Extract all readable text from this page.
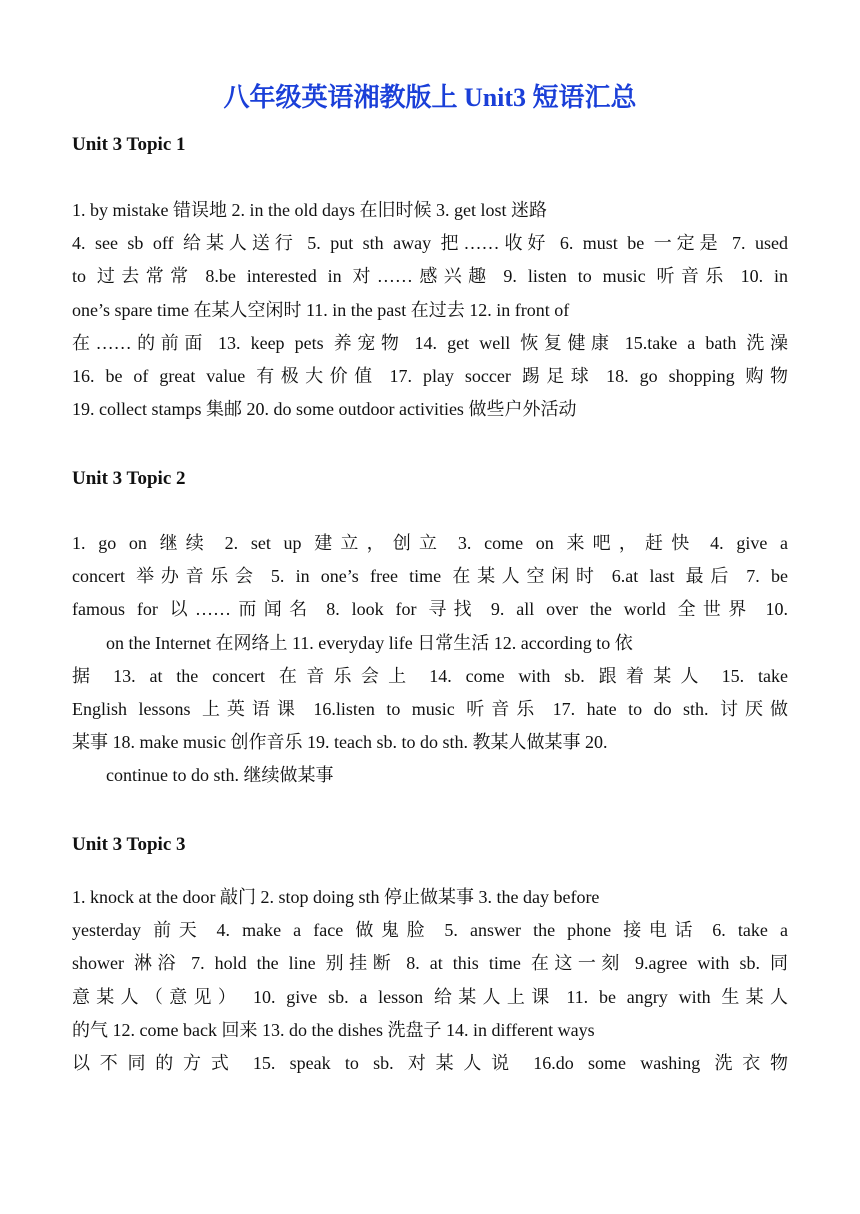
八年级英语湘教版上 Unit3 短语汇总
Unit 3 Topic 1
1. by mistake 错误地 2. in the old days 在旧时候 3. get lost 迷路
4. see sb off 给某人送行 5. put sth away 把……收好 6. must be 一定是 7. used
to 过去常常 8.be interested in 对……感兴趣 9. listen to music 听音乐 10. in
one’s spare time 在某人空闲时 11. in the past 在过去 12. in front of
在……的前面 13. keep pets 养宠物 14. get well 恢复健康 15.take a bath 洗澡
16. be of great value 有极大价值 17. play soccer 踢足球 18. go shopping 购物
19. collect stamps 集邮 20. do some outdoor activities 做些户外活动
Unit 3 Topic 2
1. go on 继续 2. set up 建立，创立 3. come on 来吧，赶快 4. give a
concert 举办音乐会 5. in one’s free time 在某人空闲时 6.at last 最后 7. be
famous for 以……而闻名 8. look for 寻找 9. all over the world 全世界 10.
on the Internet 在网络上 11. everyday life 日常生活 12. according to 依
据 13. at the concert 在音乐会上 14. come with sb. 跟着某人 15. take
English lessons 上英语课 16.listen to music 听音乐 17. hate to do sth. 讨厌做
某事 18. make music 创作音乐 19. teach sb. to do sth. 教某人做某事 20.
continue to do sth. 继续做某事
Unit 3 Topic 3
1. knock at the door 敲门 2. stop doing sth 停止做某事 3. the day before
yesterday 前天 4. make a face 做鬼脸 5. answer the phone 接电话 6. take a
shower 淋浴 7. hold the line 别挂断 8. at this time 在这一刻 9.agree with sb. 同
意某人（意见） 10. give sb. a lesson 给某人上课 11. be angry with 生某人
的气 12. come back 回来 13. do the dishes 洗盘子 14. in different ways
以不同的方式 15. speak to sb. 对某人说 16.do some washing 洗衣物
